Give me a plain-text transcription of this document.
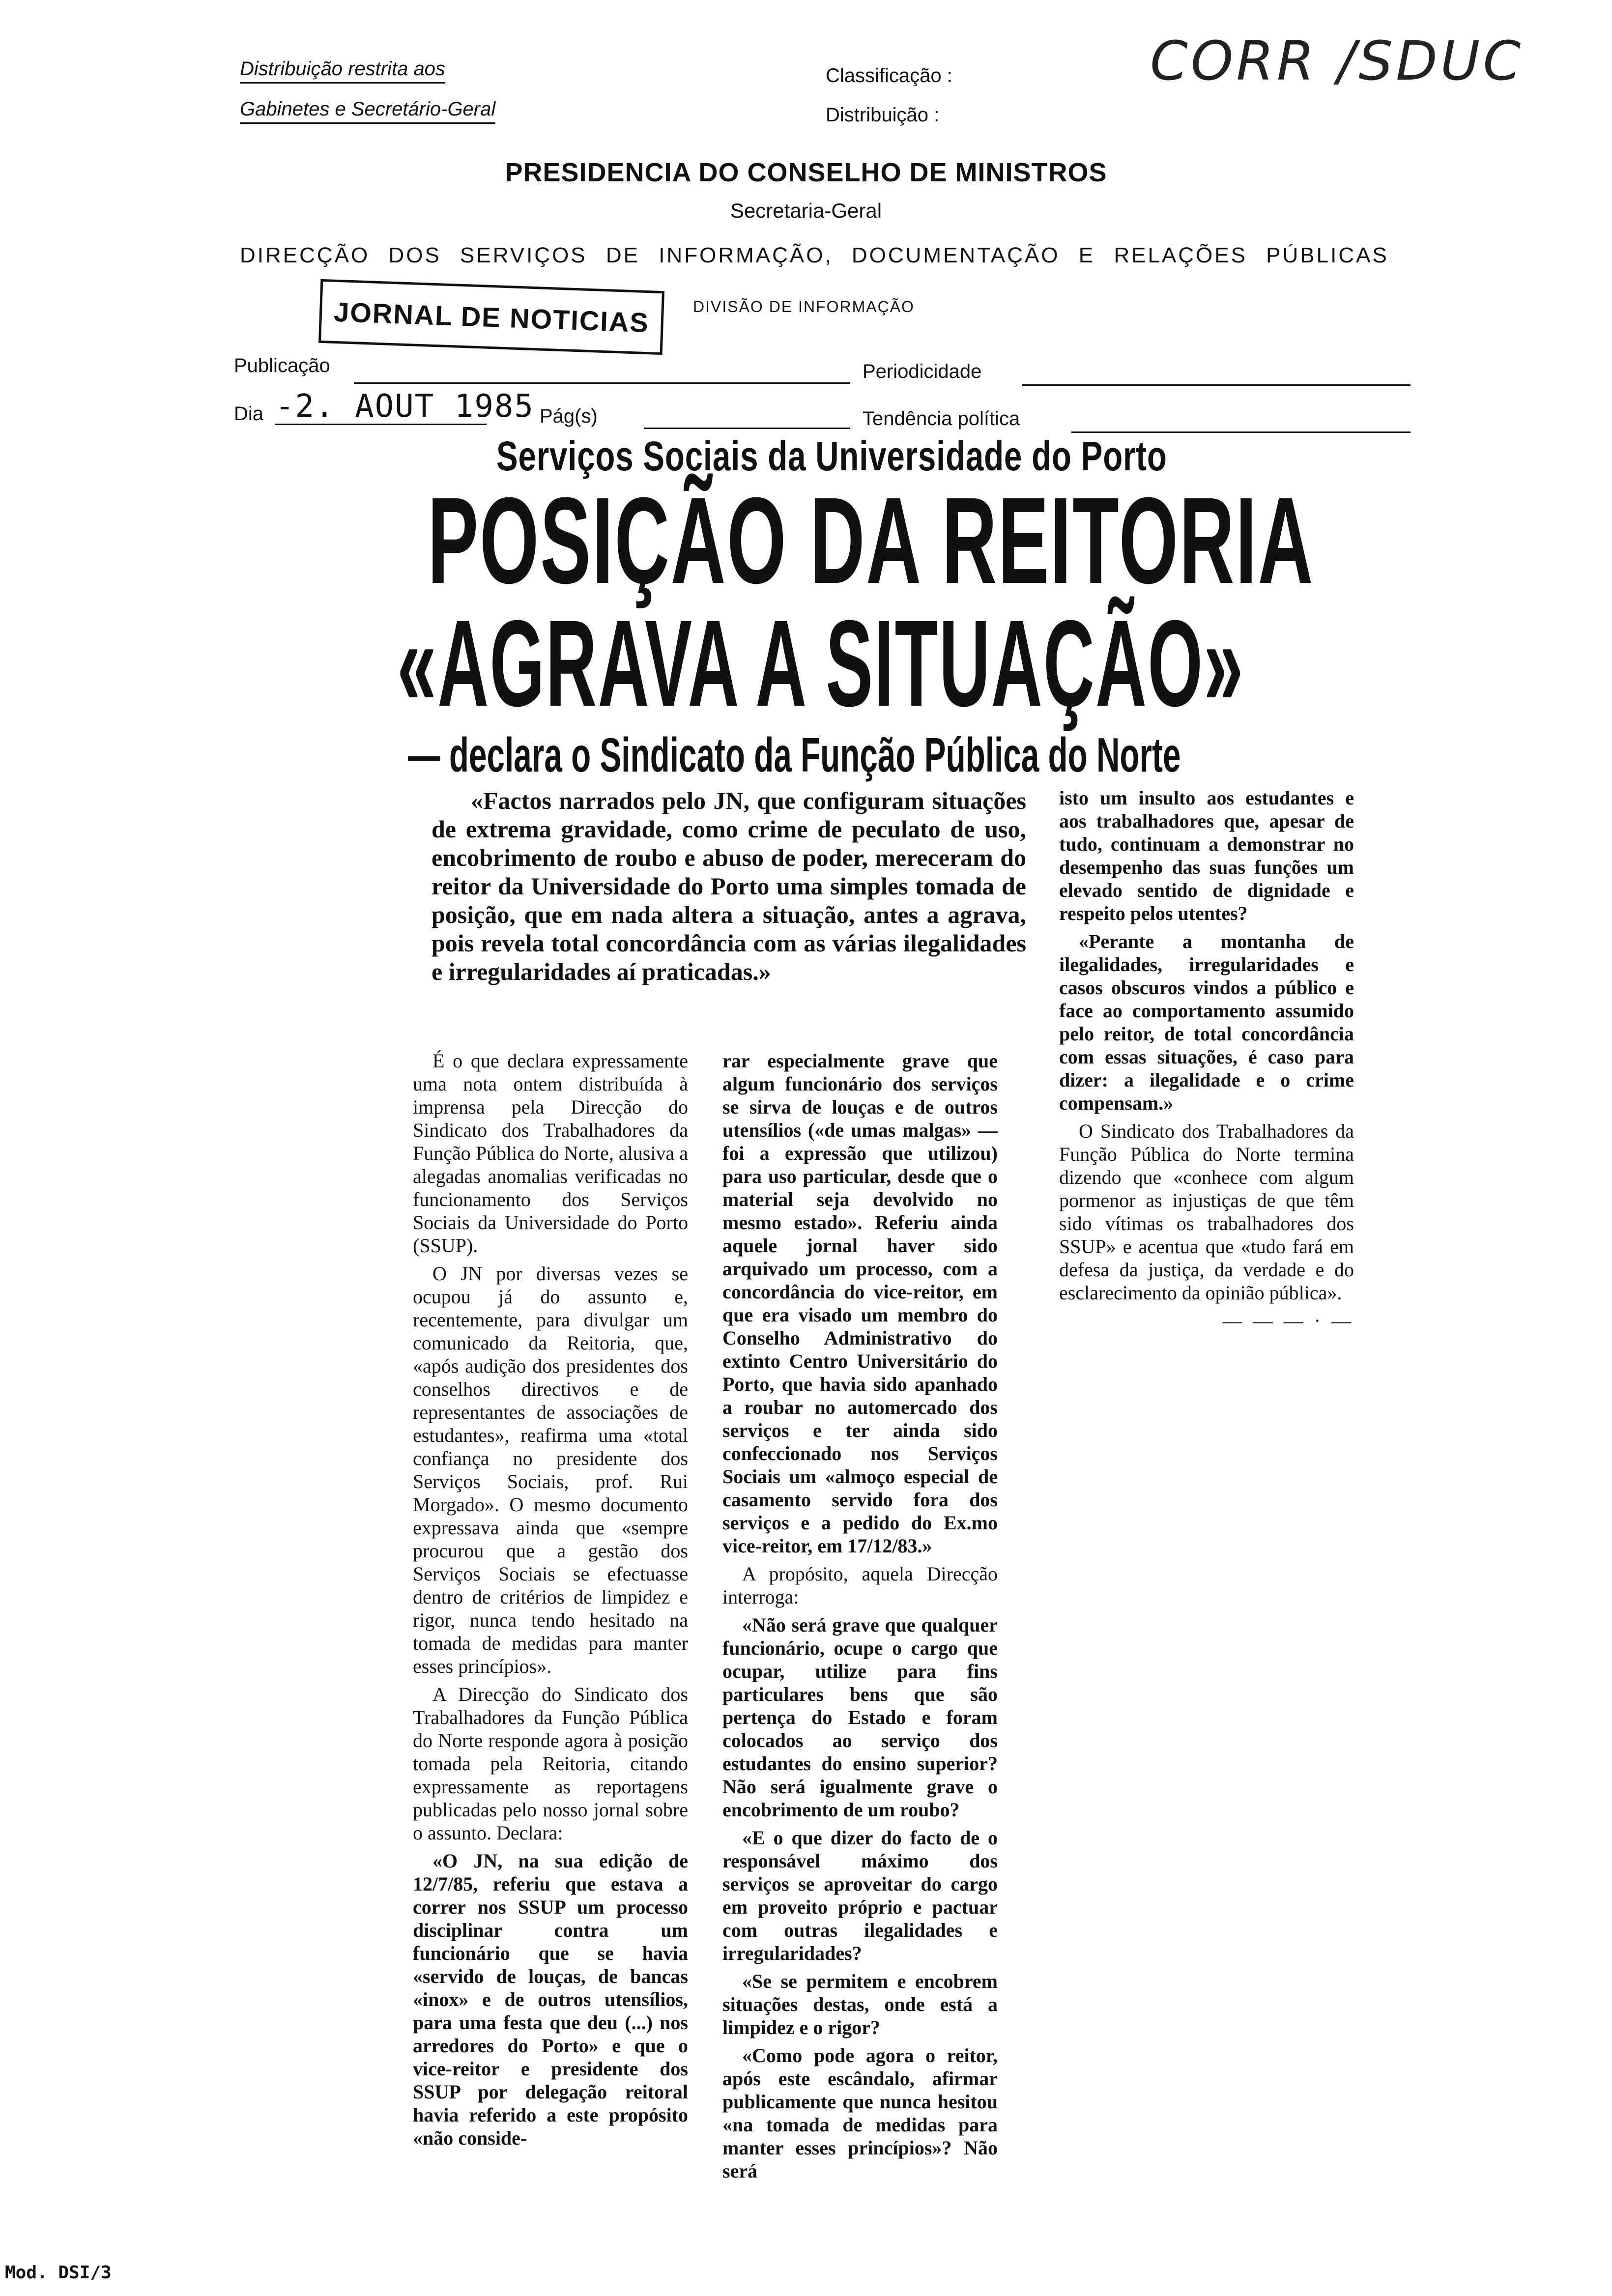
Distribuição restrita aos
Gabinetes e Secretário-Geral
Classificação :
Distribuição :
CORR /SDUC
PRESIDENCIA DO CONSELHO DE MINISTROS
Secretaria-Geral
DIRECÇÃO DOS SERVIÇOS DE INFORMAÇÃO, DOCUMENTAÇÃO E RELAÇÕES PÚBLICAS
DIVISÃO DE INFORMAÇÃO
JORNAL DE NOTICIAS
Publicação	Periodicidade
Dia -2. AOUT 1985 Pág(s)	Tendência política
Serviços Sociais da Universidade do Porto
POSIÇÃO DA REITORIA
«AGRAVA A SITUAÇÃO»
— declara o Sindicato da Função Pública do Norte
«Factos narrados pelo JN, que configuram situações de extrema gravidade, como crime de peculato de uso, encobrimento de roubo e abuso de poder, mereceram do reitor da Universidade do Porto uma simples tomada de posição, que em nada altera a situação, antes a agrava, pois revela total concordância com as várias ilegalidades e irregularidades aí praticadas.»

É o que declara expressamente uma nota ontem distribuída à imprensa pela Direcção do Sindicato dos Trabalhadores da Função Pública do Norte, alusiva a alegadas anomalias verificadas no funcionamento dos Serviços Sociais da Universidade do Porto (SSUP).

O JN por diversas vezes se ocupou já do assunto e, recentemente, para divulgar um comunicado da Reitoria, que, «após audição dos presidentes dos conselhos directivos e de representantes de associações de estudantes», reafirma uma «total confiança no presidente dos Serviços Sociais, prof. Rui Morgado». O mesmo documento expressava ainda que «sempre procurou que a gestão dos Serviços Sociais se efectuasse dentro de critérios de limpidez e rigor, nunca tendo hesitado na tomada de medidas para manter esses princípios».

A Direcção do Sindicato dos Trabalhadores da Função Pública do Norte responde agora à posição tomada pela Reitoria, citando expressamente as reportagens publicadas pelo nosso jornal sobre o assunto. Declara:

«O JN, na sua edição de 12/7/85, referiu que estava a correr nos SSUP um processo disciplinar contra um funcionário que se havia «servido de louças, de bancas «inox» e de outros utensílios, para uma festa que deu (...) nos arredores do Porto» e que o vice-reitor e presidente dos SSUP por delegação reitoral havia referido a este propósito «não conside-

rar especialmente grave que algum funcionário dos serviços se sirva de louças e de outros utensílios («de umas malgas» — foi a expressão que utilizou) para uso particular, desde que o material seja devolvido no mesmo estado». Referiu ainda aquele jornal haver sido arquivado um processo, com a concordância do vice-reitor, em que era visado um membro do Conselho Administrativo do extinto Centro Universitário do Porto, que havia sido apanhado a roubar no automercado dos serviços e ter ainda sido confeccionado nos Serviços Sociais um «almoço especial de casamento servido fora dos serviços e a pedido do Ex.mo vice-reitor, em 17/12/83.»

A propósito, aquela Direcção interroga:

«Não será grave que qualquer funcionário, ocupe o cargo que ocupar, utilize para fins particulares bens que são pertença do Estado e foram colocados ao serviço dos estudantes do ensino superior? Não será igualmente grave o encobrimento de um roubo?

«E o que dizer do facto de o responsável máximo dos serviços se aproveitar do cargo em proveito próprio e pactuar com outras ilegalidades e irregularidades?

«Se se permitem e encobrem situações destas, onde está a limpidez e o rigor?

«Como pode agora o reitor, após este escândalo, afirmar publicamente que nunca hesitou «na tomada de medidas para manter esses princípios»? Não será

isto um insulto aos estudantes e aos trabalhadores que, apesar de tudo, continuam a demonstrar no desempenho das suas funções um elevado sentido de dignidade e respeito pelos utentes?

«Perante a montanha de ilegalidades, irregularidades e casos obscuros vindos a público e face ao comportamento assumido pelo reitor, de total concordância com essas situações, é caso para dizer: a ilegalidade e o crime compensam.»

O Sindicato dos Trabalhadores da Função Pública do Norte termina dizendo que «conhece com algum pormenor as injustiças de que têm sido vítimas os trabalhadores dos SSUP» e acentua que «tudo fará em defesa da justiça, da verdade e do esclarecimento da opinião pública».

— — — · —
Mod. DSI/3
